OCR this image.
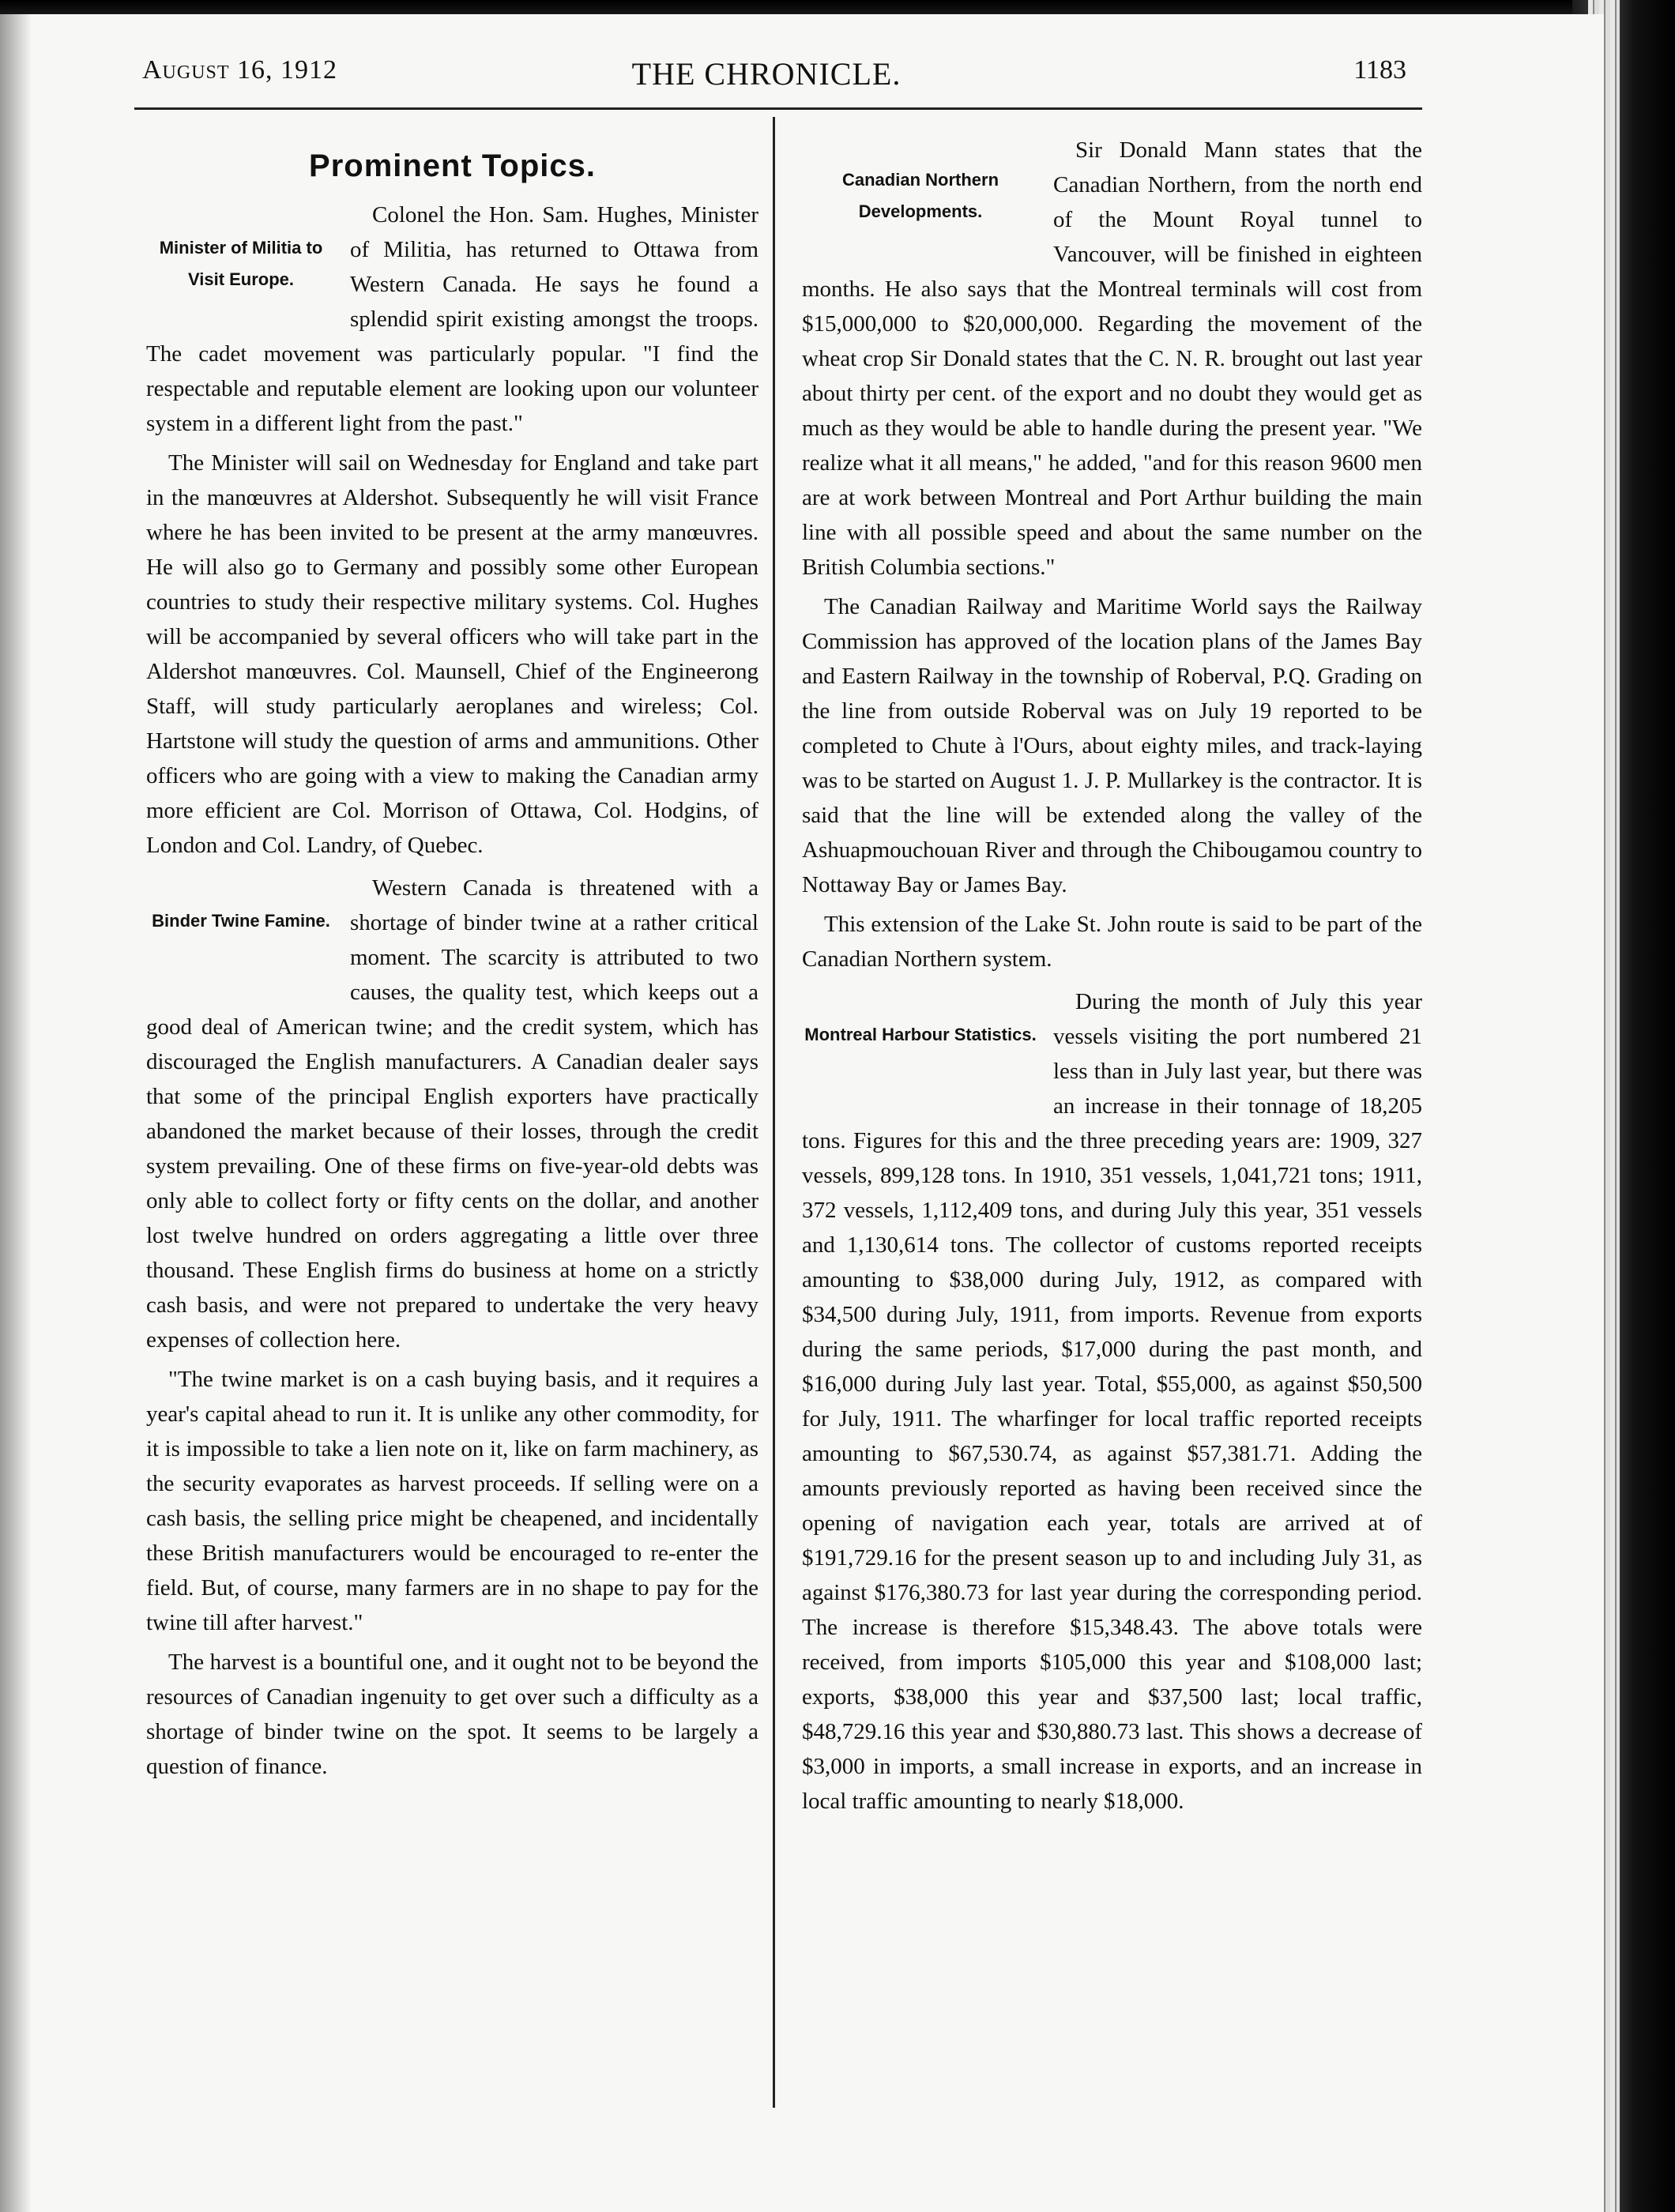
August 16, 1912	THE CHRONICLE.	1183
Prominent Topics.
Minister of Militia to Visit Europe.

Colonel the Hon. Sam. Hughes, Minister of Militia, has returned to Ottawa from Western Canada. He says he found a splendid spirit existing amongst the troops. The cadet movement was particularly popular. "I find the respectable and reputable element are looking upon our volunteer system in a different light from the past."

The Minister will sail on Wednesday for England and take part in the manœuvres at Aldershot. Subsequently he will visit France where he has been invited to be present at the army manœuvres. He will also go to Germany and possibly some other European countries to study their respective military systems. Col. Hughes will be accompanied by several officers who will take part in the Aldershot manœuvres. Col. Maunsell, Chief of the Engineerong Staff, will study particularly aeroplanes and wireless; Col. Hartstone will study the question of arms and ammunitions. Other officers who are going with a view to making the Canadian army more efficient are Col. Morrison of Ottawa, Col. Hodgins, of London and Col. Landry, of Quebec.

Binder Twine Famine.

Western Canada is threatened with a shortage of binder twine at a rather critical moment. The scarcity is attributed to two causes, the quality test, which keeps out a good deal of American twine; and the credit system, which has discouraged the English manufacturers. A Canadian dealer says that some of the principal English exporters have practically abandoned the market because of their losses, through the credit system prevailing. One of these firms on five-year-old debts was only able to collect forty or fifty cents on the dollar, and another lost twelve hundred on orders aggregating a little over three thousand. These English firms do business at home on a strictly cash basis, and were not prepared to undertake the very heavy expenses of collection here.

"The twine market is on a cash buying basis, and it requires a year's capital ahead to run it. It is unlike any other commodity, for it is impossible to take a lien note on it, like on farm machinery, as the security evaporates as harvest proceeds. If selling were on a cash basis, the selling price might be cheapened, and incidentally these British manufacturers would be encouraged to re-enter the field. But, of course, many farmers are in no shape to pay for the twine till after harvest."

The harvest is a bountiful one, and it ought not to be beyond the resources of Canadian ingenuity to get over such a difficulty as a shortage of binder twine on the spot. It seems to be largely a question of finance.

Canadian Northern Developments.

Sir Donald Mann states that the Canadian Northern, from the north end of the Mount Royal tunnel to Vancouver, will be finished in eighteen months. He also says that the Montreal terminals will cost from $15,000,000 to $20,000,000. Regarding the movement of the wheat crop Sir Donald states that the C. N. R. brought out last year about thirty per cent. of the export and no doubt they would get as much as they would be able to handle during the present year. "We realize what it all means," he added, "and for this reason 9600 men are at work between Montreal and Port Arthur building the main line with all possible speed and about the same number on the British Columbia sections."

The Canadian Railway and Maritime World says the Railway Commission has approved of the location plans of the James Bay and Eastern Railway in the township of Roberval, P.Q. Grading on the line from outside Roberval was on July 19 reported to be completed to Chute à l'Ours, about eighty miles, and track-laying was to be started on August 1. J. P. Mullarkey is the contractor. It is said that the line will be extended along the valley of the Ashuapmouchouan River and through the Chibougamou country to Nottaway Bay or James Bay.

This extension of the Lake St. John route is said to be part of the Canadian Northern system.

Montreal Harbour Statistics.

During the month of July this year vessels visiting the port numbered 21 less than in July last year, but there was an increase in their tonnage of 18,205 tons. Figures for this and the three preceding years are: 1909, 327 vessels, 899,128 tons. In 1910, 351 vessels, 1,041,721 tons; 1911, 372 vessels, 1,112,409 tons, and during July this year, 351 vessels and 1,130,614 tons. The collector of customs reported receipts amounting to $38,000 during July, 1912, as compared with $34,500 during July, 1911, from imports. Revenue from exports during the same periods, $17,000 during the past month, and $16,000 during July last year. Total, $55,000, as against $50,500 for July, 1911. The wharfinger for local traffic reported receipts amounting to $67,530.74, as against $57,381.71. Adding the amounts previously reported as having been received since the opening of navigation each year, totals are arrived at of $191,729.16 for the present season up to and including July 31, as against $176,380.73 for last year during the corresponding period. The increase is therefore $15,348.43. The above totals were received, from imports $105,000 this year and $108,000 last; exports, $38,000 this year and $37,500 last; local traffic, $48,729.16 this year and $30,880.73 last. This shows a decrease of $3,000 in imports, a small increase in exports, and an increase in local traffic amounting to nearly $18,000.
